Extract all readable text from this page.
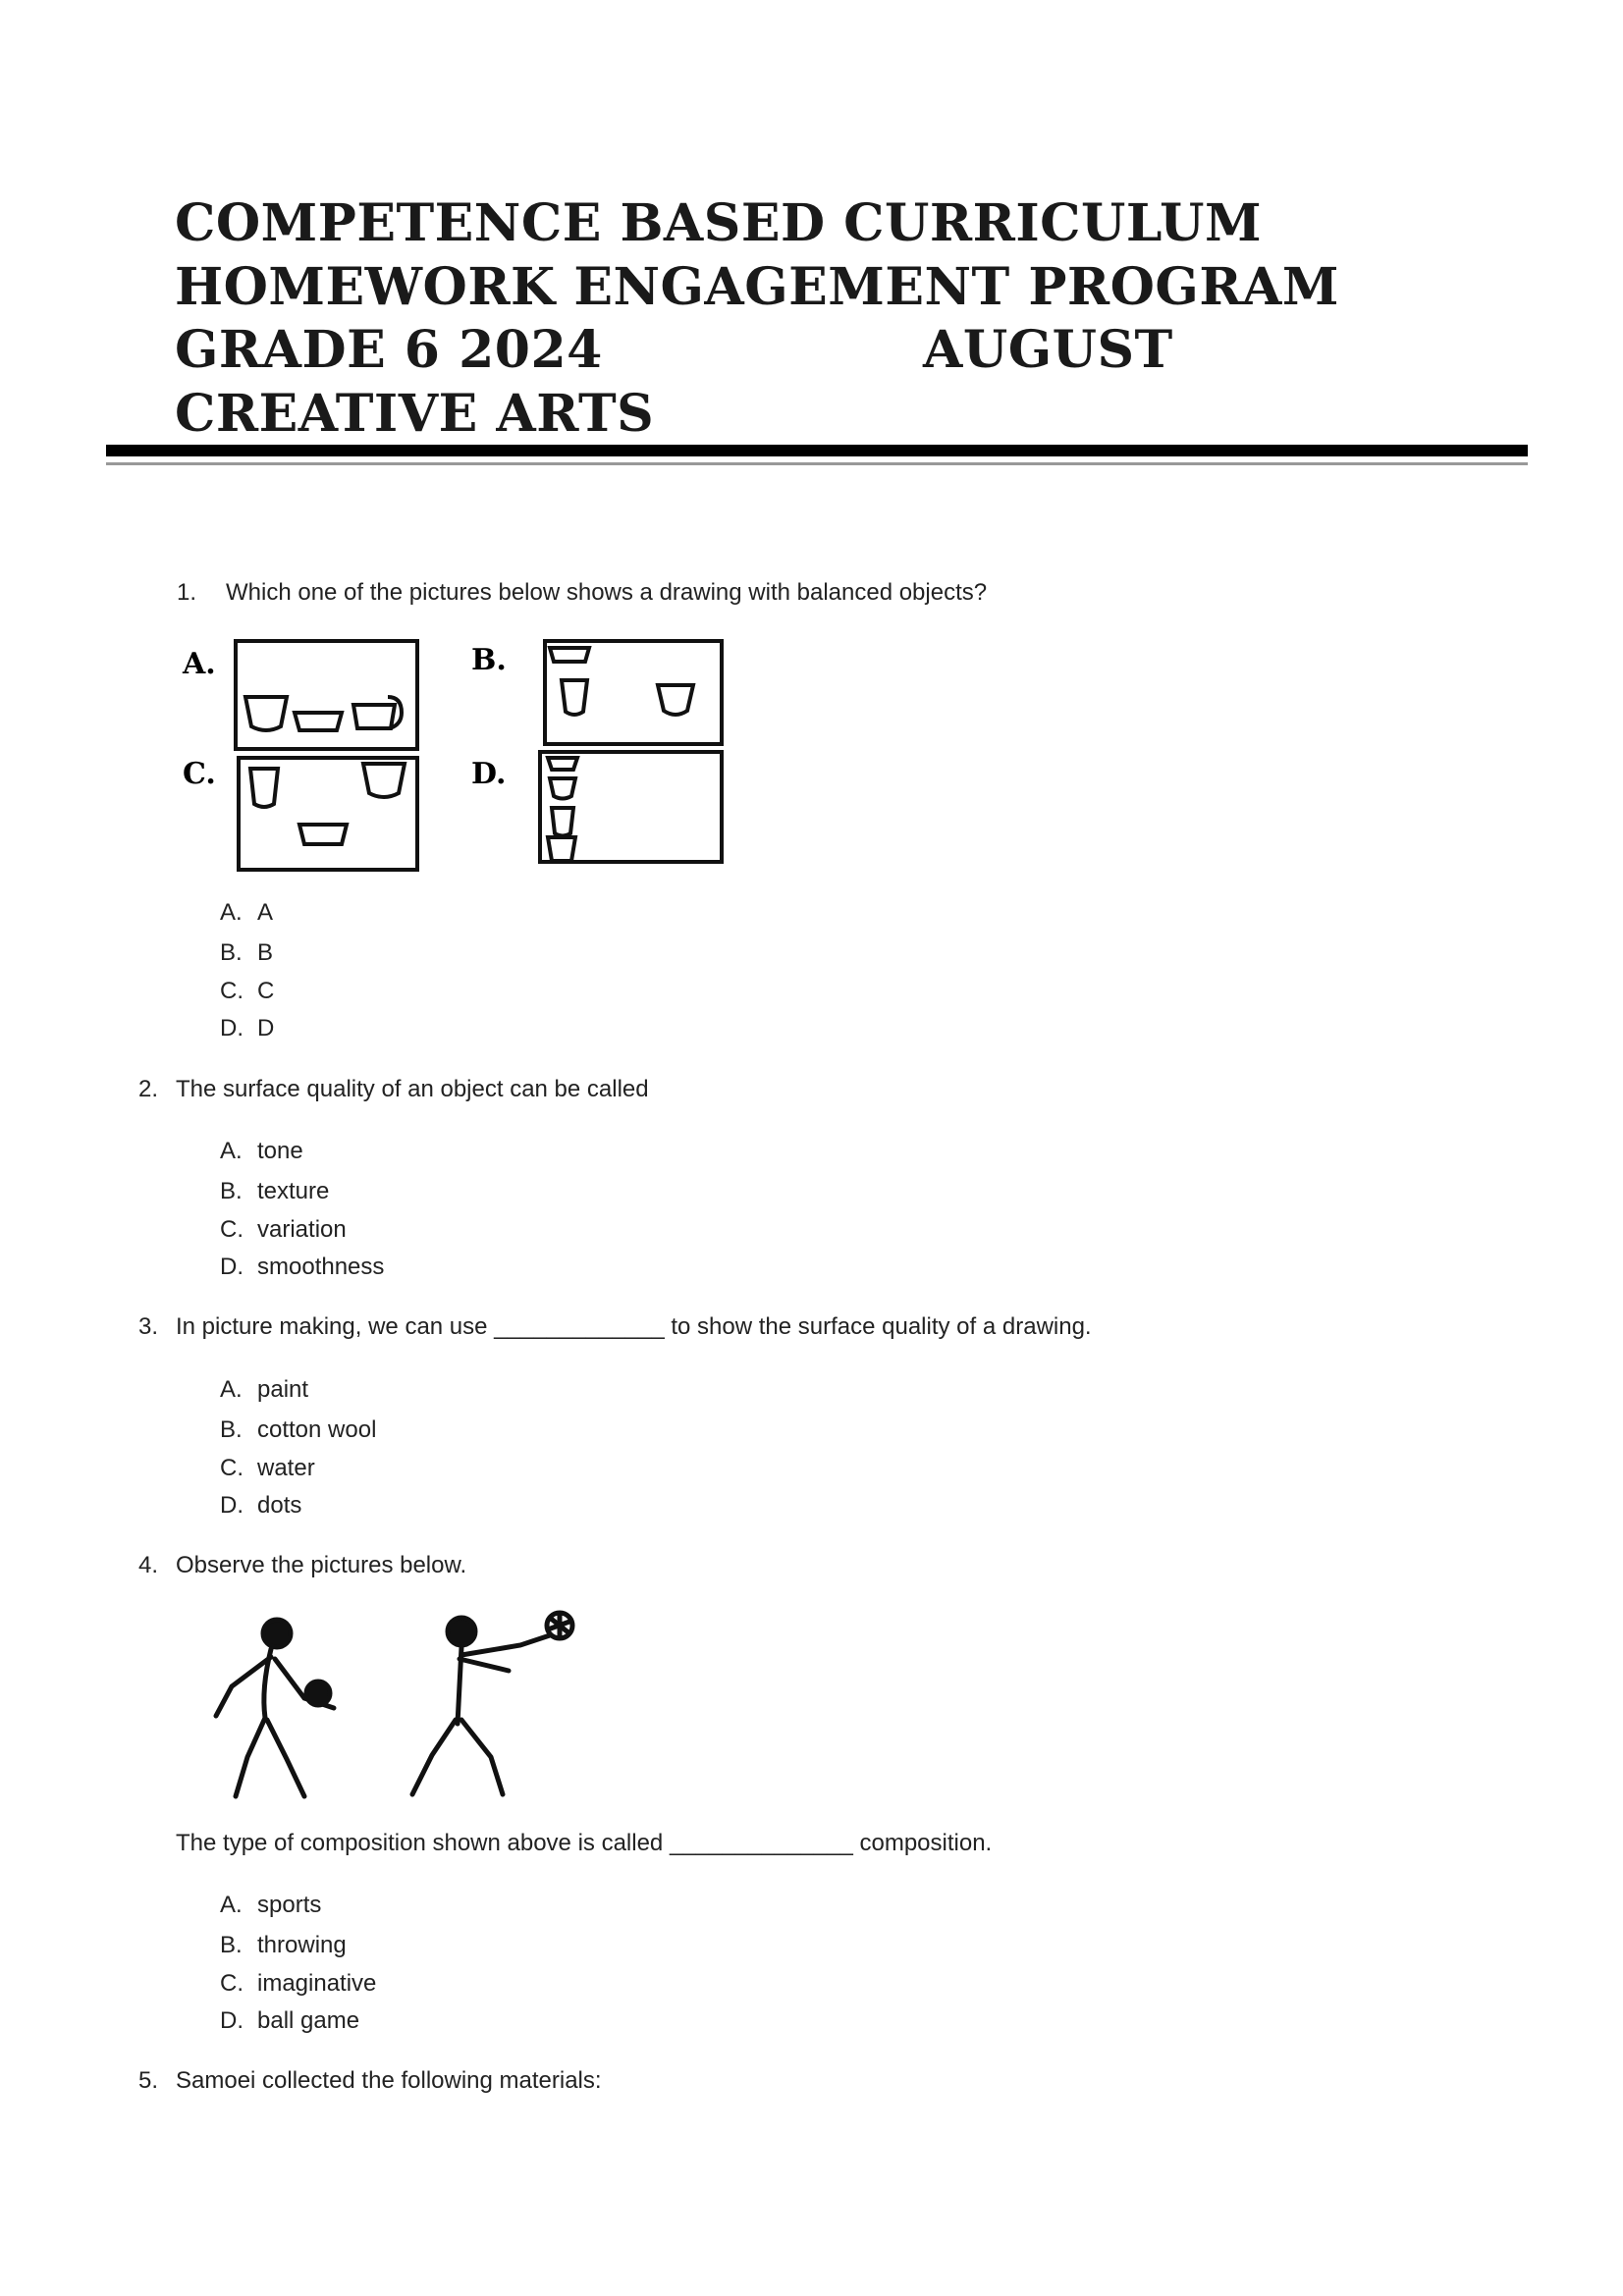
COMPETENCE BASED CURRICULUM
HOMEWORK ENGAGEMENT PROGRAM
GRADE 6 2024	AUGUST
CREATIVE ARTS
1. Which one of the pictures below shows a drawing with balanced objects?
A.	B.
C.	D.
A. A
B. B
C. C
D. D
2. The surface quality of an object can be called
A. tone
B. texture
C. variation
D. smoothness
3. In picture making, we can use _____________ to show the surface quality of a drawing.
A. paint
B. cotton wool
C. water
D. dots
4. Observe the pictures below.
The type of composition shown above is called ______________ composition.
A. sports
B. throwing
C. imaginative
D. ball game
5. Samoei collected the following materials:
